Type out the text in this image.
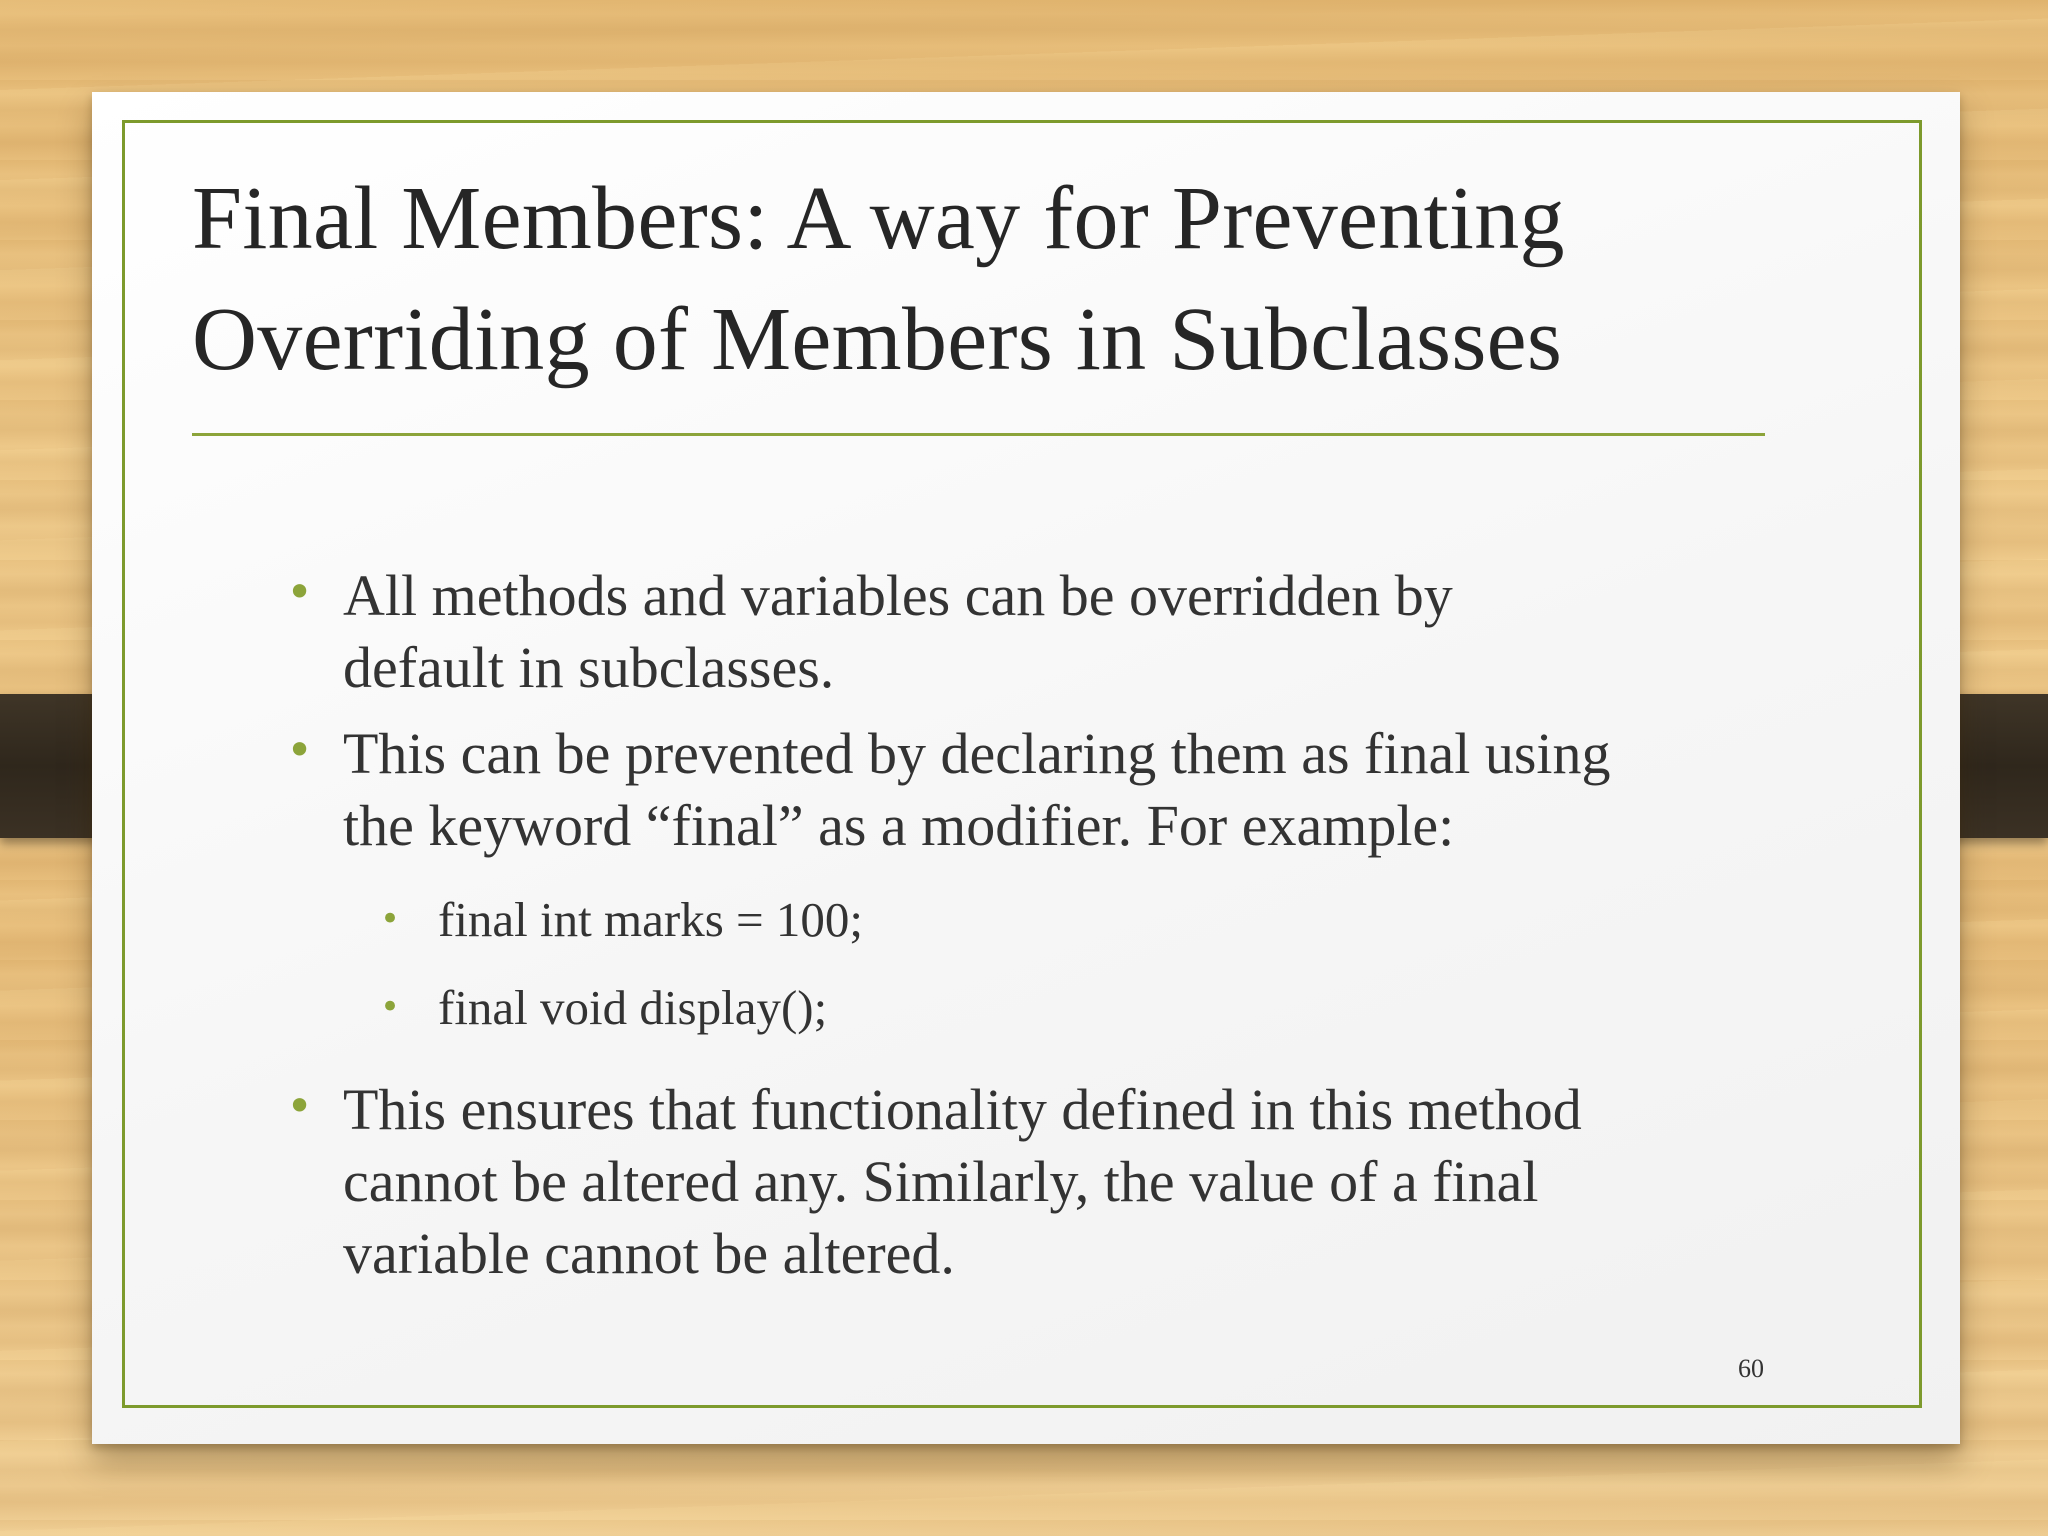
Final Members: A way for Preventing
Overriding of Members in Subclasses
• All methods and variables can be overridden by
default in subclasses.
• This can be prevented by declaring them as final using
the keyword “final” as a modifier. For example:
• final int marks = 100;
• final void display();
• This ensures that functionality defined in this method
cannot be altered any. Similarly, the value of a final
variable cannot be altered.
60
